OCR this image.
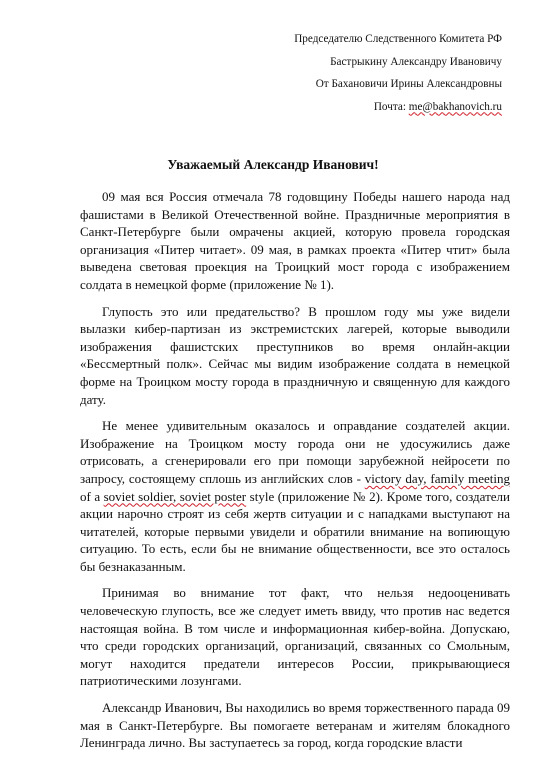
Председателю Следственного Комитета РФ
Бастрыкину Александру Ивановичу
От Бахановичи Ирины Александровны
Почта: me@bakhanovich.ru
Уважаемый Александр Иванович!

09 мая вся Россия отмечала 78 годовщину Победы нашего народа над фашистами в Великой Отечественной войне. Праздничные мероприятия в Санкт-Петербурге были омрачены акцией, которую провела городская организация «Питер читает». 09 мая, в рамках проекта «Питер чтит» была выведена световая проекция на Троицкий мост города с изображением солдата в немецкой форме (приложение № 1).

Глупость это или предательство? В прошлом году мы уже видели вылазки кибер-партизан из экстремистских лагерей, которые выводили изображения фашистских преступников во время онлайн-акции «Бессмертный полк». Сейчас мы видим изображение солдата в немецкой форме на Троицком мосту города в праздничную и священную для каждого дату.

Не менее удивительным оказалось и оправдание создателей акции. Изображение на Троицком мосту города они не удосужились даже отрисовать, а сгенерировали его при помощи зарубежной нейросети по запросу, состоящему сплошь из английских слов - victory day, family meeting of a soviet soldier, soviet poster style (приложение № 2). Кроме того, создатели акции нарочно строят из себя жертв ситуации и с нападками выступают на читателей, которые первыми увидели и обратили внимание на вопиющую ситуацию. То есть, если бы не внимание общественности, все это осталось бы безнаказанным.

Принимая во внимание тот факт, что нельзя недооценивать человеческую глупость, все же следует иметь ввиду, что против нас ведется настоящая война. В том числе и информационная кибер-война. Допускаю, что среди городских организаций, организаций, связанных со Смольным, могут находится предатели интересов России, прикрывающиеся патриотическими лозунгами.

Александр Иванович, Вы находились во время торжественного парада 09 мая в Санкт-Петербурге. Вы помогаете ветеранам и жителям блокадного Ленинграда лично. Вы заступаетесь за город, когда городские власти
